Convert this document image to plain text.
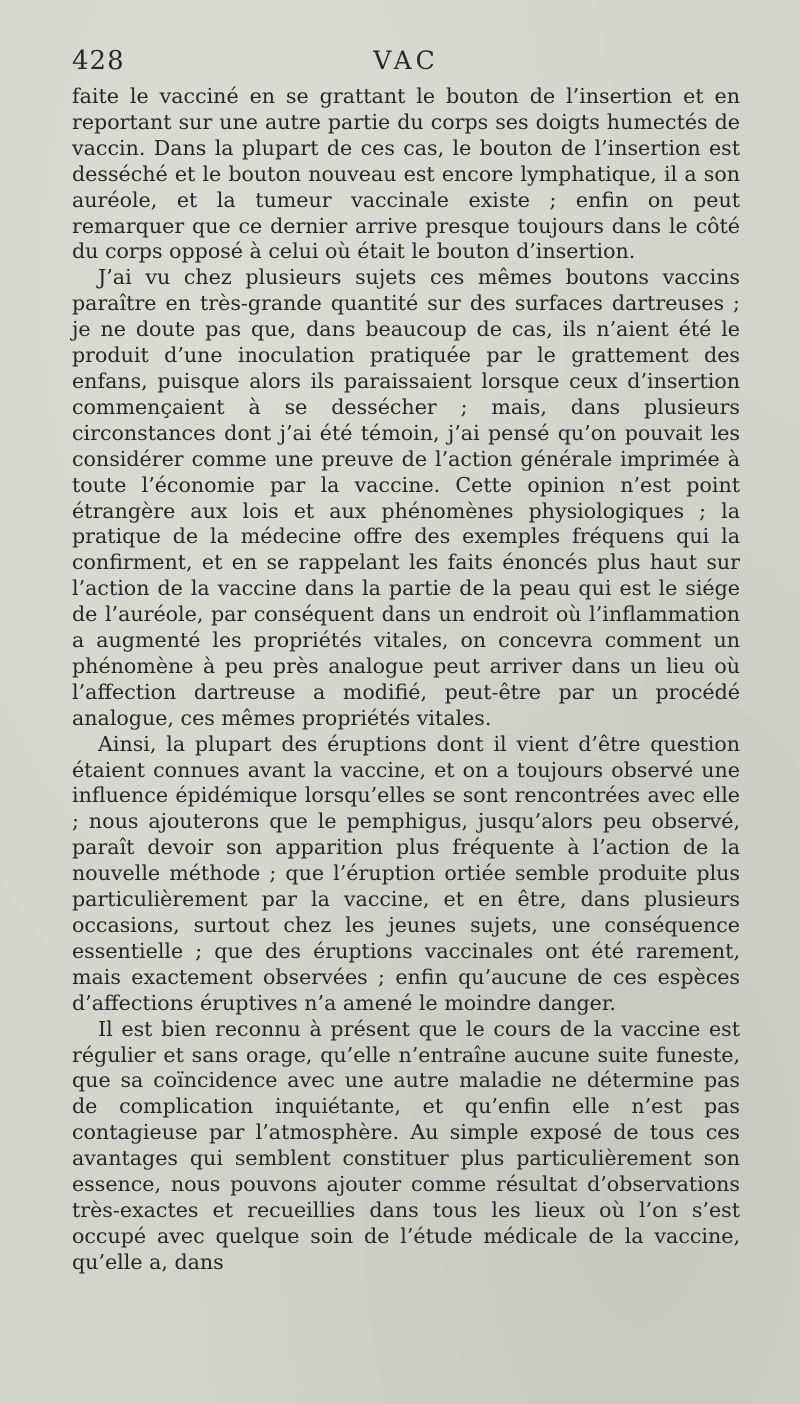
428	VAC

faite le vacciné en se grattant le bouton de l’insertion et en reportant sur une autre partie du corps ses doigts humectés de vaccin. Dans la plupart de ces cas, le bouton de l’insertion est desséché et le bouton nouveau est encore lymphatique, il a son auréole, et la tumeur vaccinale existe ; enfin on peut remarquer que ce dernier arrive presque toujours dans le côté du corps opposé à celui où était le bouton d’insertion.

J’ai vu chez plusieurs sujets ces mêmes boutons vaccins paraître en très-grande quantité sur des surfaces dartreuses ; je ne doute pas que, dans beaucoup de cas, ils n’aient été le produit d’une inoculation pratiquée par le grattement des enfans, puisque alors ils paraissaient lorsque ceux d’insertion commençaient à se dessécher ; mais, dans plusieurs circonstances dont j’ai été témoin, j’ai pensé qu’on pouvait les considérer comme une preuve de l’action générale imprimée à toute l’économie par la vaccine. Cette opinion n’est point étrangère aux lois et aux phénomènes physiologiques ; la pratique de la médecine offre des exemples fréquens qui la confirment, et en se rappelant les faits énoncés plus haut sur l’action de la vaccine dans la partie de la peau qui est le siége de l’auréole, par conséquent dans un endroit où l’inflammation a augmenté les propriétés vitales, on concevra comment un phénomène à peu près analogue peut arriver dans un lieu où l’affection dartreuse a modifié, peut-être par un procédé analogue, ces mêmes propriétés vitales.

Ainsi, la plupart des éruptions dont il vient d’être question étaient connues avant la vaccine, et on a toujours observé une influence épidémique lorsqu’elles se sont rencontrées avec elle ; nous ajouterons que le pemphigus, jusqu’alors peu observé, paraît devoir son apparition plus fréquente à l’action de la nouvelle méthode ; que l’éruption ortiée semble produite plus particulièrement par la vaccine, et en être, dans plusieurs occasions, surtout chez les jeunes sujets, une conséquence essentielle ; que des éruptions vaccinales ont été rarement, mais exactement observées ; enfin qu’aucune de ces espèces d’affections éruptives n’a amené le moindre danger.

Il est bien reconnu à présent que le cours de la vaccine est régulier et sans orage, qu’elle n’entraîne aucune suite funeste, que sa coïncidence avec une autre maladie ne détermine pas de complication inquiétante, et qu’enfin elle n’est pas contagieuse par l’atmosphère. Au simple exposé de tous ces avantages qui semblent constituer plus particulièrement son essence, nous pouvons ajouter comme résultat d’observations très-exactes et recueillies dans tous les lieux où l’on s’est occupé avec quelque soin de l’étude médicale de la vaccine, qu’elle a, dans
